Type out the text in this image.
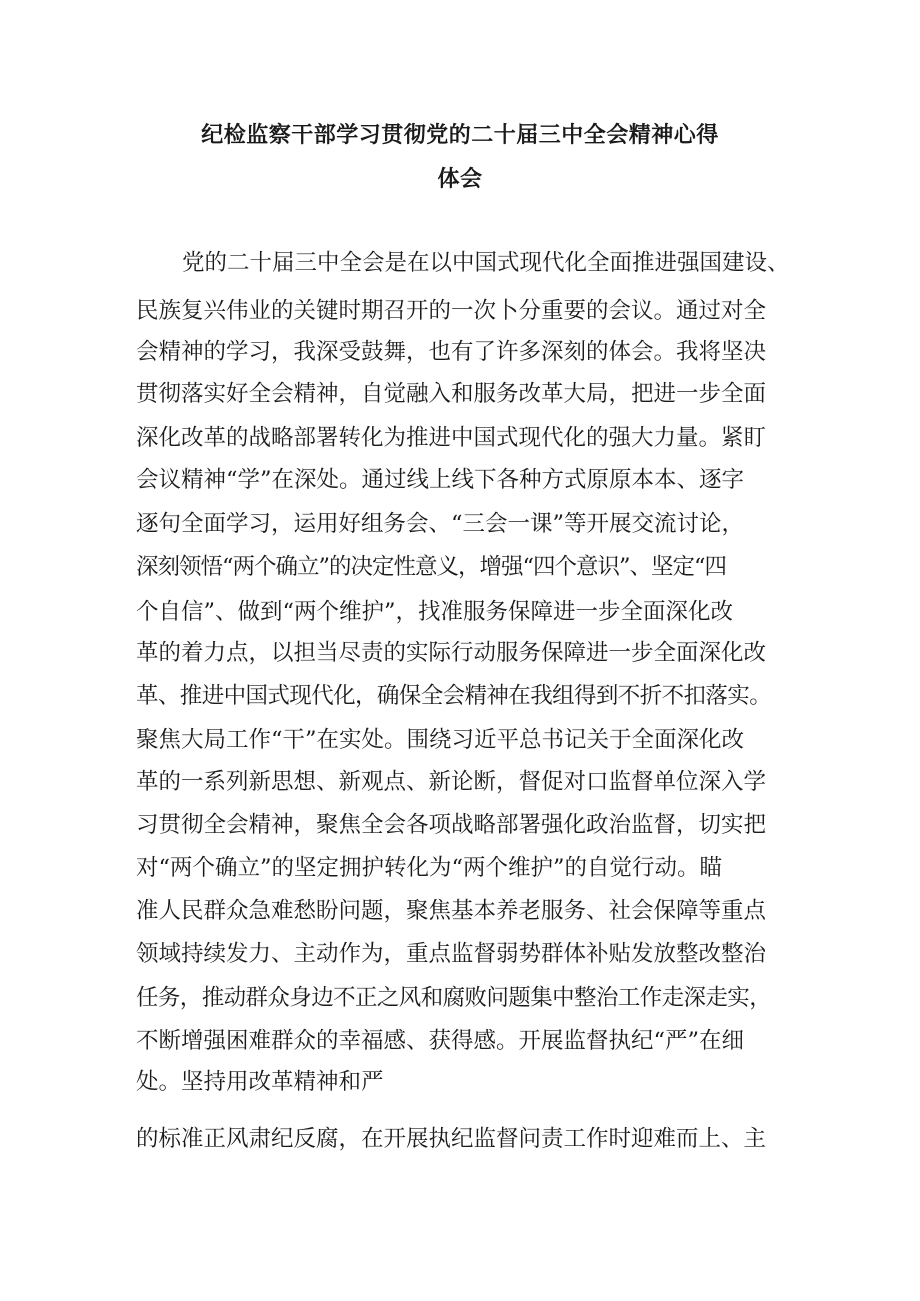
纪检监察干部学习贯彻党的二十届三中全会精神心得
体会

党的二十届三中全会是在以中国式现代化全面推进强国建设、

民族复兴伟业的关键时期召开的一次卜分重要的会议。通过对全

会精神的学习，我深受鼓舞，也有了许多深刻的体会。我将坚决

贯彻落实好全会精神，自觉融入和服务改革大局，把进一步全面

深化改革的战略部署转化为推进中国式现代化的强大力量。紧盯

会议精神“学”在深处。通过线上线下各种方式原原本本、逐字

逐句全面学习，运用好组务会、“三会一课”等开展交流讨论，

深刻领悟“两个确立”的决定性意义，增强“四个意识”、坚定“四

个自信”、做到“两个维护”，找准服务保障进一步全面深化改

革的着力点，以担当尽责的实际行动服务保障进一步全面深化改

革、推进中国式现代化，确保全会精神在我组得到不折不扣落实。

聚焦大局工作“干”在实处。围绕习近平总书记关于全面深化改

革的一系列新思想、新观点、新论断，督促对口监督单位深入学

习贯彻全会精神，聚焦全会各项战略部署强化政治监督，切实把

对“两个确立”的坚定拥护转化为“两个维护”的自觉行动。瞄

准人民群众急难愁盼问题，聚焦基本养老服务、社会保障等重点

领域持续发力、主动作为，重点监督弱势群体补贴发放整改整治

任务，推动群众身边不正之风和腐败问题集中整治工作走深走实，

不断增强困难群众的幸福感、获得感。开展监督执纪“严”在细

处。坚持用改革精神和严

的标准正风肃纪反腐，在开展执纪监督问责工作时迎难而上、主
